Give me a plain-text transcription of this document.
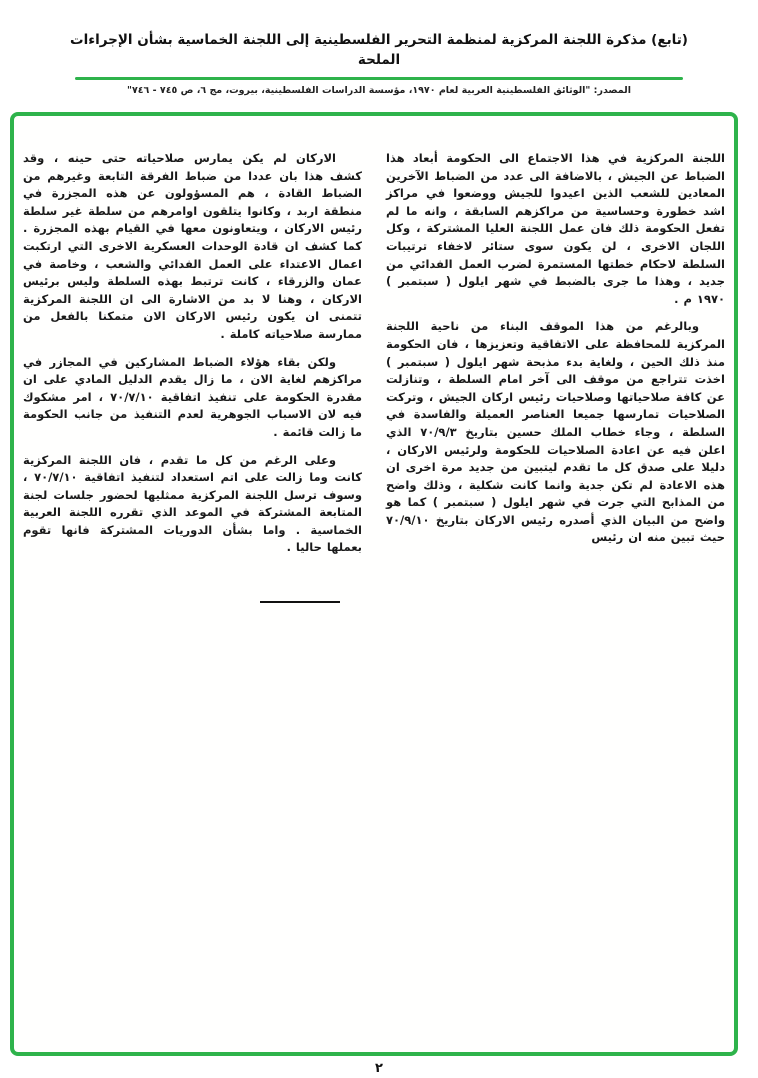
(تابع) مذكرة اللجنة المركزية لمنظمة التحرير الفلسطينية إلى اللجنة الخماسية بشأن الإجراءات الملحة
المصدر: "الوثائق الفلسطينية العربية لعام ١٩٧٠، مؤسسة الدراسات الفلسطينية، بيروت، مج ٦، ص ٧٤٥ - ٧٤٦"

اللجنة المركزية في هذا الاجتماع الى الحكومة أبعاد هذا الضباط عن الجيش ، بالاضافة الى عدد من الضباط الآخرين المعادين للشعب الذين اعيدوا للجيش ووضعوا في مراكز اشد خطورة وحساسية من مراكزهم السابقة ، وانه ما لم تفعل الحكومة ذلك فان عمل اللجنة العليا المشتركة ، وكل اللجان الاخرى ، لن يكون سوى ستائر لاخفاء ترتيبات السلطة لاحكام خطتها المستمرة لضرب العمل الفدائي من جديد ، وهذا ما جرى بالضبط في شهر ايلول ( سبتمبر ) ١٩٧٠ م .

وبالرغم من هذا الموقف البناء من ناحية اللجنة المركزية للمحافظة على الاتفاقية وتعزيزها ، فان الحكومة منذ ذلك الحين ، ولغاية بدء مذبحة شهر ايلول ( سبتمبر ) اخذت تتراجع من موقف الى آخر امام السلطة ، وتنازلت عن كافة صلاحياتها وصلاحيات رئيس اركان الجيش ، وتركت الصلاحيات تمارسها جميعا العناصر العميلة والفاسدة في السلطة ، وجاء خطاب الملك حسين بتاريخ ٧٠/٩/٣ الذي اعلن فيه عن اعادة الصلاحيات للحكومة ولرئيس الاركان ، دليلا على صدق كل ما تقدم ليتبين من جديد مرة اخرى ان هذه الاعادة لم تكن جدية وانما كانت شكلية ، وذلك واضح من المذابح التي جرت في شهر ايلول ( سبتمبر ) كما هو واضح من البيان الذي أصدره رئيس الاركان بتاريخ ٧٠/٩/١٠ حيث تبين منه ان رئيس

الاركان لم يكن يمارس صلاحياته حتى حينه ، وقد كشف هذا بان عددا من ضباط الفرقة التابعة وغيرهم من الضباط القادة ، هم المسؤولون عن هذه المجزرة في منطقة اربد ، وكانوا يتلقون اوامرهم من سلطة غير سلطة رئيس الاركان ، ويتعاونون معها في القيام بهذه المجزرة . كما كشف ان قادة الوحدات العسكرية الاخرى التي ارتكبت اعمال الاعتداء على العمل الفدائي والشعب ، وخاصة في عمان والزرقاء ، كانت ترتبط بهذه السلطة وليس برئيس الاركان ، وهنا لا بد من الاشارة الى ان اللجنة المركزية تتمنى ان يكون رئيس الاركان الان متمكنا بالفعل من ممارسة صلاحياته كاملة .

ولكن بقاء هؤلاء الضباط المشاركين في المجازر في مراكزهم لغاية الان ، ما زال يقدم الدليل المادي على ان مقدرة الحكومة على تنفيذ اتفاقية ٧٠/٧/١٠ ، امر مشكوك فيه لان الاسباب الجوهرية لعدم التنفيذ من جانب الحكومة ما زالت قائمة .

وعلى الرغم من كل ما تقدم ، فان اللجنة المركزية كانت وما زالت على اتم استعداد لتنفيذ اتفاقية ٧٠/٧/١٠ ، وسوف ترسل اللجنة المركزية ممثليها لحضور جلسات لجنة المتابعة المشتركة في الموعد الذي تقرره اللجنة العربية الخماسية . واما بشأن الدوريات المشتركة فانها تقوم بعملها حاليا .

٢
